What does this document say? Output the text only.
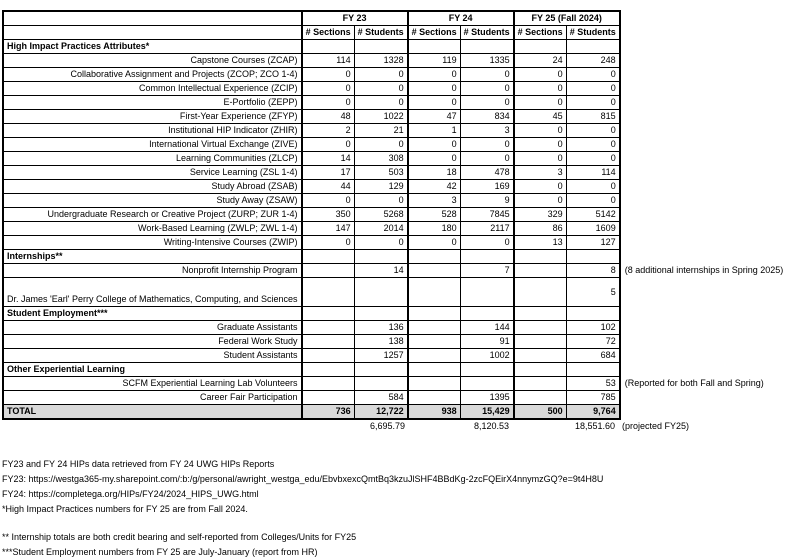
	FY 23		FY 24		FY 25 (Fall 2024)		
	# Sections	# Students	# Sections	# Students	# Sections	# Students	
High Impact Practices Attributes*							
Capstone Courses (ZCAP)	114	1328	119	1335	24	248	
Collaborative Assignment and Projects (ZCOP; ZCO 1-4)	0	0	0	0	0	0	
Common Intellectual Experience (ZCIP)	0	0	0	0	0	0	
E-Portfolio (ZEPP)	0	0	0	0	0	0	
First-Year Experience (ZFYP)	48	1022	47	834	45	815	
Institutional HIP Indicator (ZHIR)	2	21	1	3	0	0	
International Virtual Exchange (ZIVE)	0	0	0	0	0	0	
Learning Communities (ZLCP)	14	308	0	0	0	0	
Service Learning (ZSL 1-4)	17	503	18	478	3	114	
Study Abroad (ZSAB)	44	129	42	169	0	0	
Study Away (ZSAW)	0	0	3	9	0	0	
Undergraduate Research or Creative Project (ZURP; ZUR 1-4)	350	5268	528	7845	329	5142	
Work-Based Learning (ZWLP; ZWL 1-4)	147	2014	180	2117	86	1609	
Writing-Intensive Courses (ZWIP)	0	0	0	0	13	127	
Internships**							
Nonprofit Internship Program		14		7		8	(8 additional internships in Spring 2025)
Dr. James 'Earl' Perry College of Mathematics, Computing, and Sciences						5	
Student Employment***							
Graduate Assistants		136		144		102	
Federal Work Study		138		91		72	
Student Assistants		1257		1002		684	
Other Experiential Learning							
SCFM Experiential Learning Lab Volunteers						53	(Reported for both Fall and Spring)
Career Fair Participation		584		1395		785	
TOTAL	736	12,722	938	15,429	500	9,764	
		6,695.79		8,120.53		18,551.60	(projected FY25)
FY23 and FY 24 HIPs data retrieved from FY 24 UWG HIPs Reports
FY23: https://westga365-my.sharepoint.com/:b:/g/personal/awright_westga_edu/EbvbxexcQmtBq3kzuJlSHF4BBdKg-2zcFQEirX4nnymzGQ?e=9t4H8U
FY24: https://completega.org/HIPs/FY24/2024_HIPS_UWG.html
*High Impact Practices numbers for FY 25 are from Fall 2024.
** Internship totals are both credit bearing and self-reported from Colleges/Units for FY25
***Student Employment numbers from FY 25 are July-January (report from HR)
